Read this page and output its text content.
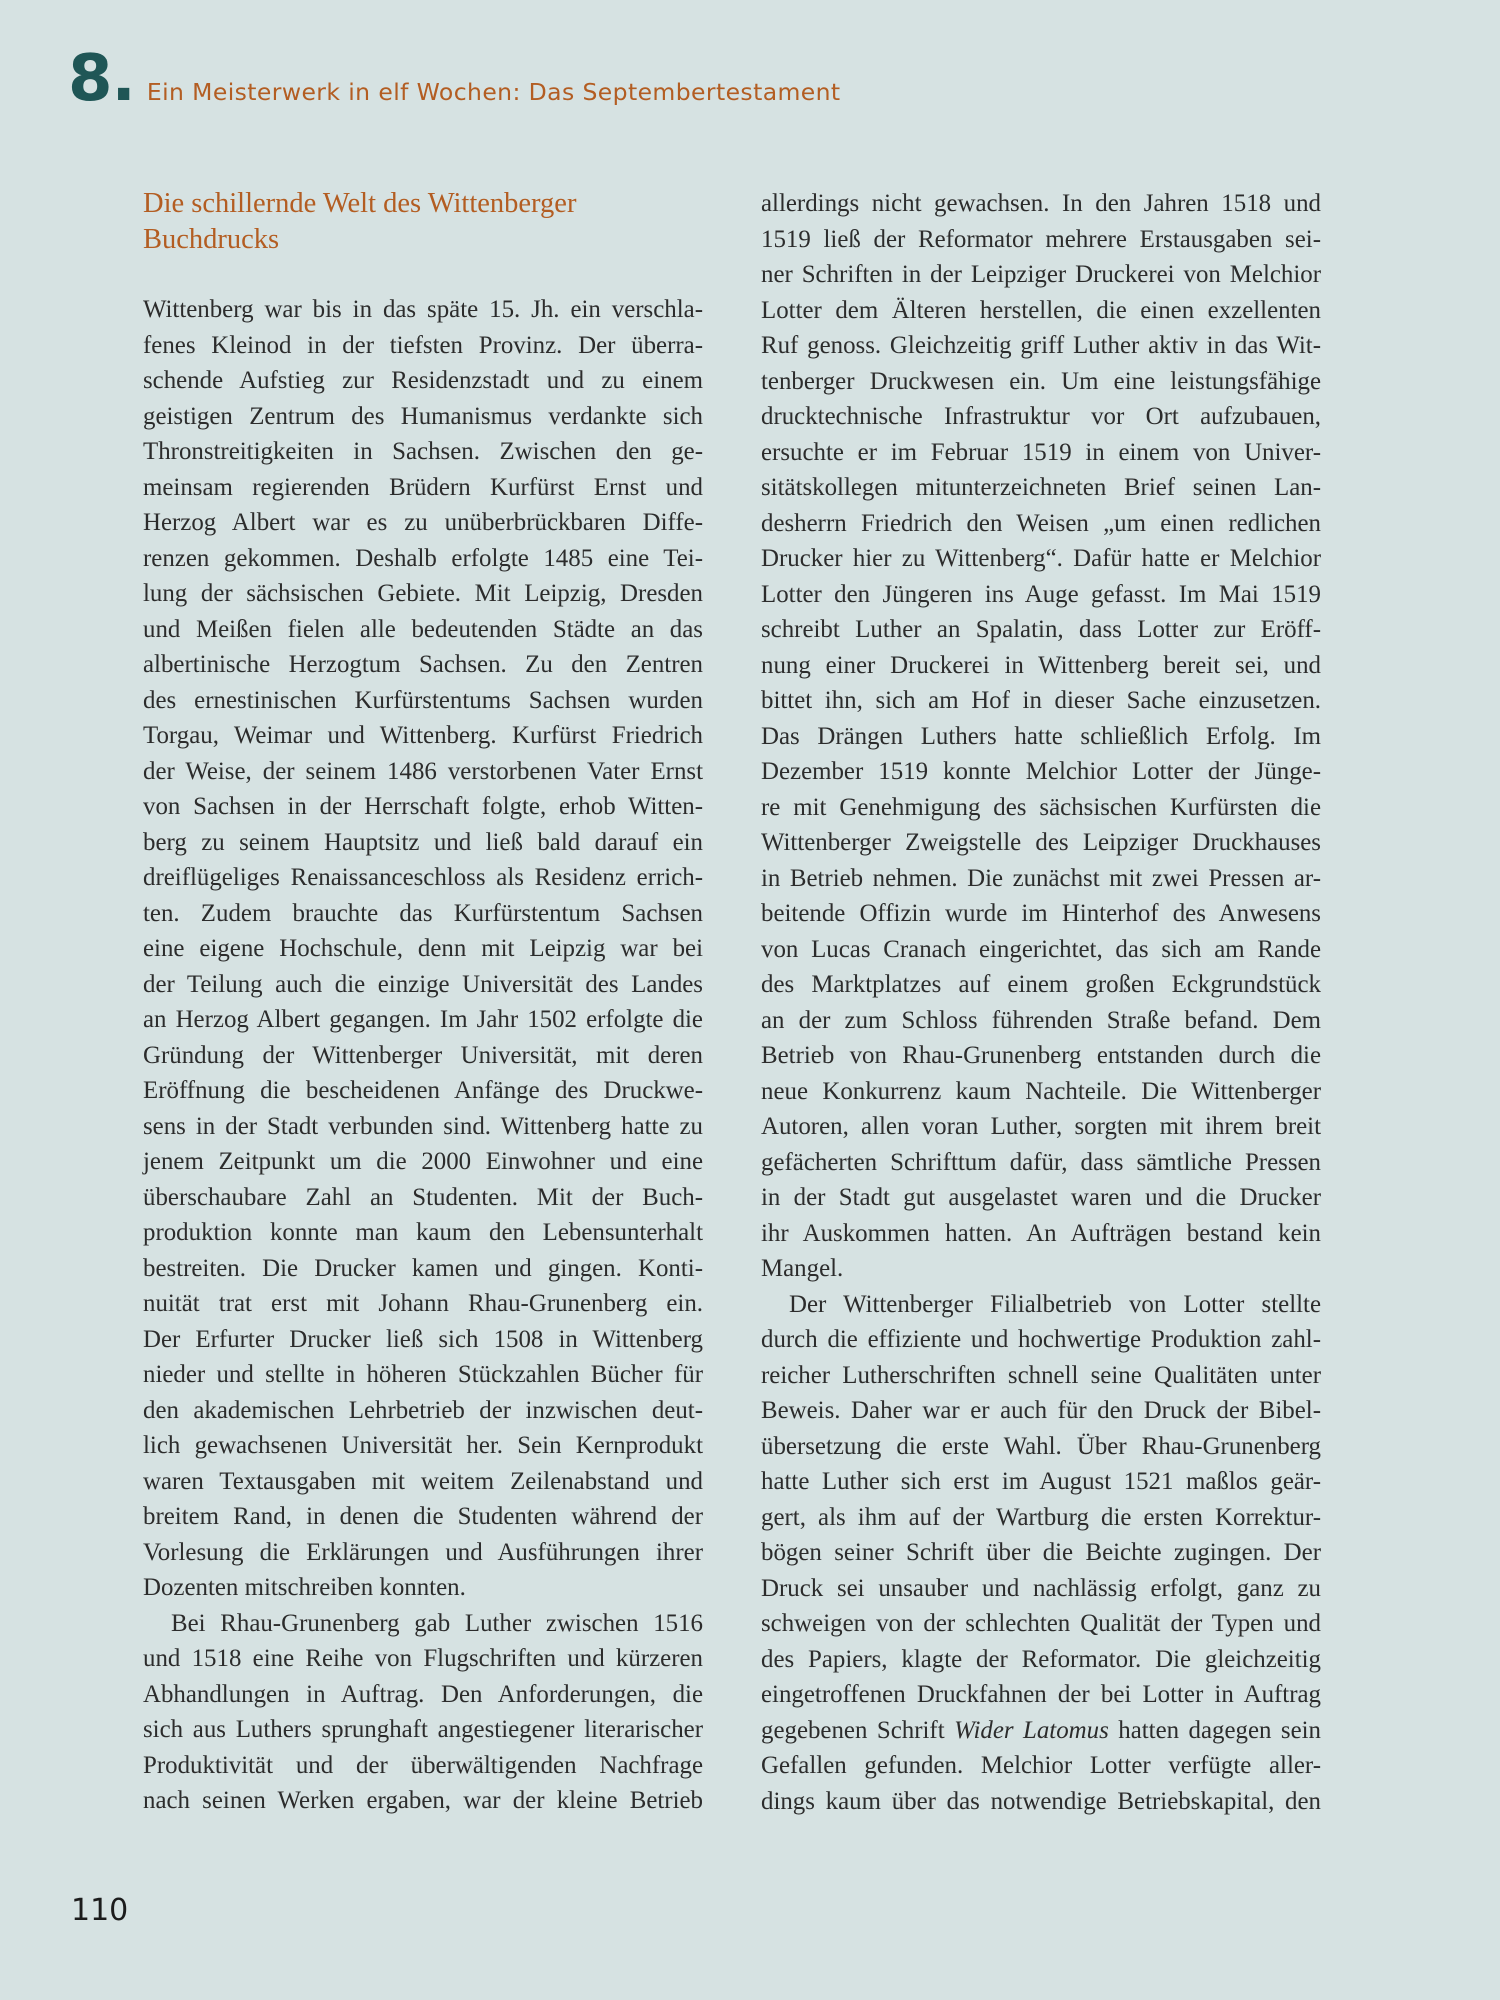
8. Ein Meisterwerk in elf Wochen: Das Septembertestament
Die schillernde Welt des Wittenberger
Buchdrucks
Wittenberg war bis in das späte 15. Jh. ein verschla-
fenes Kleinod in der tiefsten Provinz. Der überra-
schende Aufstieg zur Residenzstadt und zu einem
geistigen Zentrum des Humanismus verdankte sich
Thronstreitigkeiten in Sachsen. Zwischen den ge-
meinsam regierenden Brüdern Kurfürst Ernst und
Herzog Albert war es zu unüberbrückbaren Diffe-
renzen gekommen. Deshalb erfolgte 1485 eine Tei-
lung der sächsischen Gebiete. Mit Leipzig, Dresden
und Meißen fielen alle bedeutenden Städte an das
albertinische Herzogtum Sachsen. Zu den Zentren
des ernestinischen Kurfürstentums Sachsen wurden
Torgau, Weimar und Wittenberg. Kurfürst Friedrich
der Weise, der seinem 1486 verstorbenen Vater Ernst
von Sachsen in der Herrschaft folgte, erhob Witten-
berg zu seinem Hauptsitz und ließ bald darauf ein
dreiflügeliges Renaissanceschloss als Residenz errich-
ten. Zudem brauchte das Kurfürstentum Sachsen
eine eigene Hochschule, denn mit Leipzig war bei
der Teilung auch die einzige Universität des Landes
an Herzog Albert gegangen. Im Jahr 1502 erfolgte die
Gründung der Wittenberger Universität, mit deren
Eröffnung die bescheidenen Anfänge des Druckwe-
sens in der Stadt verbunden sind. Wittenberg hatte zu
jenem Zeitpunkt um die 2000 Einwohner und eine
überschaubare Zahl an Studenten. Mit der Buch-
produktion konnte man kaum den Lebensunterhalt
bestreiten. Die Drucker kamen und gingen. Konti-
nuität trat erst mit Johann Rhau-Grunenberg ein.
Der Erfurter Drucker ließ sich 1508 in Wittenberg
nieder und stellte in höheren Stückzahlen Bücher für
den akademischen Lehrbetrieb der inzwischen deut-
lich gewachsenen Universität her. Sein Kernprodukt
waren Textausgaben mit weitem Zeilenabstand und
breitem Rand, in denen die Studenten während der
Vorlesung die Erklärungen und Ausführungen ihrer
Dozenten mitschreiben konnten.
Bei Rhau-Grunenberg gab Luther zwischen 1516
und 1518 eine Reihe von Flugschriften und kürzeren
Abhandlungen in Auftrag. Den Anforderungen, die
sich aus Luthers sprunghaft angestiegener literarischer
Produktivität und der überwältigenden Nachfrage
nach seinen Werken ergaben, war der kleine Betrieb
allerdings nicht gewachsen. In den Jahren 1518 und
1519 ließ der Reformator mehrere Erstausgaben sei-
ner Schriften in der Leipziger Druckerei von Melchior
Lotter dem Älteren herstellen, die einen exzellenten
Ruf genoss. Gleichzeitig griff Luther aktiv in das Wit-
tenberger Druckwesen ein. Um eine leistungsfähige
drucktechnische Infrastruktur vor Ort aufzubauen,
ersuchte er im Februar 1519 in einem von Univer-
sitätskollegen mitunterzeichneten Brief seinen Lan-
desherrn Friedrich den Weisen „um einen redlichen
Drucker hier zu Wittenberg“. Dafür hatte er Melchior
Lotter den Jüngeren ins Auge gefasst. Im Mai 1519
schreibt Luther an Spalatin, dass Lotter zur Eröff-
nung einer Druckerei in Wittenberg bereit sei, und
bittet ihn, sich am Hof in dieser Sache einzusetzen.
Das Drängen Luthers hatte schließlich Erfolg. Im
Dezember 1519 konnte Melchior Lotter der Jünge-
re mit Genehmigung des sächsischen Kurfürsten die
Wittenberger Zweigstelle des Leipziger Druckhauses
in Betrieb nehmen. Die zunächst mit zwei Pressen ar-
beitende Offizin wurde im Hinterhof des Anwesens
von Lucas Cranach eingerichtet, das sich am Rande
des Marktplatzes auf einem großen Eckgrundstück
an der zum Schloss führenden Straße befand. Dem
Betrieb von Rhau-Grunenberg entstanden durch die
neue Konkurrenz kaum Nachteile. Die Wittenberger
Autoren, allen voran Luther, sorgten mit ihrem breit
gefächerten Schrifttum dafür, dass sämtliche Pressen
in der Stadt gut ausgelastet waren und die Drucker
ihr Auskommen hatten. An Aufträgen bestand kein
Mangel.
Der Wittenberger Filialbetrieb von Lotter stellte
durch die effiziente und hochwertige Produktion zahl-
reicher Lutherschriften schnell seine Qualitäten unter
Beweis. Daher war er auch für den Druck der Bibel-
übersetzung die erste Wahl. Über Rhau-Grunenberg
hatte Luther sich erst im August 1521 maßlos geär-
gert, als ihm auf der Wartburg die ersten Korrektur-
bögen seiner Schrift über die Beichte zugingen. Der
Druck sei unsauber und nachlässig erfolgt, ganz zu
schweigen von der schlechten Qualität der Typen und
des Papiers, klagte der Reformator. Die gleichzeitig
eingetroffenen Druckfahnen der bei Lotter in Auftrag
gegebenen Schrift Wider Latomus hatten dagegen sein
Gefallen gefunden. Melchior Lotter verfügte aller-
dings kaum über das notwendige Betriebskapital, den
110
